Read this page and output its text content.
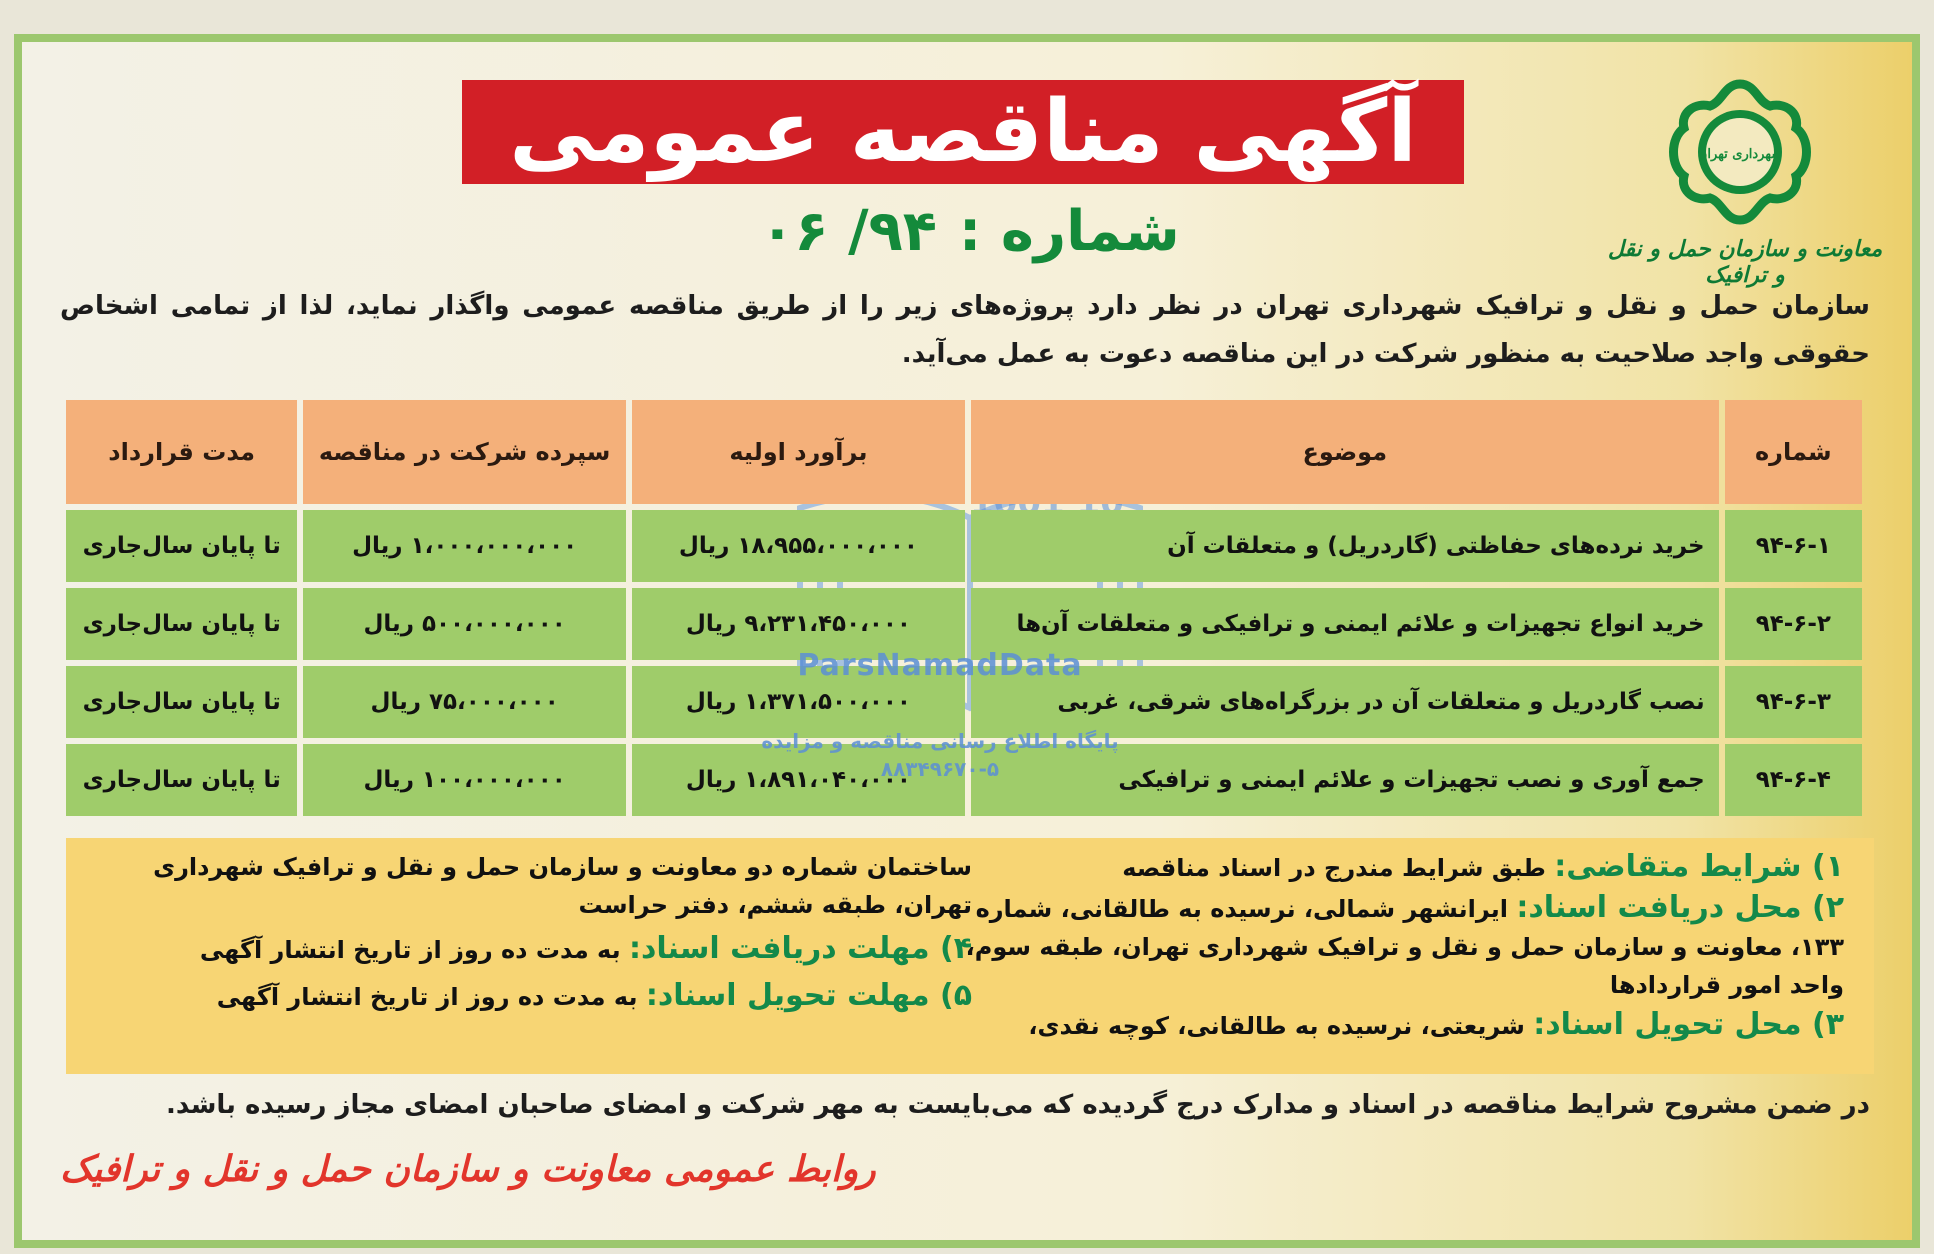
آگهی مناقصه عمومی
شماره :
۹۴/ ۰۶
شهرداری تهران
معاونت و سازمان حمل و نقل و ترافیک
سازمان حمل و نقل و ترافیک شهرداری تهران در نظر دارد پروژه‌های زیر را از طریق مناقصه عمومی واگذار نماید، لذا از تمامی اشخاص حقوقی واجد صلاحیت به منظور شرکت در این مناقصه دعوت به عمل می‌آید.
شماره	موضوع	برآورد اولیه	سپرده شرکت در مناقصه	مدت قرارداد
۹۴-۶-۱	خرید نرده‌های حفاظتی (گاردریل) و متعلقات آن	۱۸،۹۵۵،۰۰۰،۰۰۰ ریال	۱،۰۰۰،۰۰۰،۰۰۰ ریال	تا پایان سال‌جاری
۹۴-۶-۲	خرید انواع تجهیزات و علائم ایمنی و ترافیکی و متعلقات آن‌ها	۹،۲۳۱،۴۵۰،۰۰۰ ریال	۵۰۰،۰۰۰،۰۰۰ ریال	تا پایان سال‌جاری
۹۴-۶-۳	نصب گاردریل و متعلقات آن در بزرگراه‌های شرقی، غربی	۱،۳۷۱،۵۰۰،۰۰۰ ریال	۷۵،۰۰۰،۰۰۰ ریال	تا پایان سال‌جاری
۹۴-۶-۴	جمع آوری و نصب تجهیزات و علائم ایمنی و ترافیکی	۱،۸۹۱،۰۴۰،۰۰۰ ریال	۱۰۰،۰۰۰،۰۰۰ ریال	تا پایان سال‌جاری
ParsNamadData
پایگاه اطلاع رسانی مناقصه و مزایده
۸۸۳۴۹۶۷۰-۵
۱) شرایط متقاضی: طبق شرایط مندرج در اسناد مناقصه
۲) محل دریافت اسناد: ایرانشهر شمالی، نرسیده به طالقانی، شماره ۱۳۳، معاونت و سازمان حمل و نقل و ترافیک شهرداری تهران، طبقه سوم، واحد امور قراردادها
۳) محل تحویل اسناد: شریعتی، نرسیده به طالقانی، کوچه نقدی،
ساختمان شماره دو معاونت و سازمان حمل و نقل و ترافیک شهرداری تهران، طبقه ششم، دفتر حراست
۴) مهلت دریافت اسناد: به مدت ده روز از تاریخ انتشار آگهی
۵) مهلت تحویل اسناد: به مدت ده روز از تاریخ انتشار آگهی
در ضمن مشروح شرایط مناقصه در اسناد و مدارک درج گردیده که می‌بایست به مهر شرکت و امضای صاحبان امضای مجاز رسیده باشد.
روابط عمومی معاونت و سازمان حمل و نقل و ترافیک
